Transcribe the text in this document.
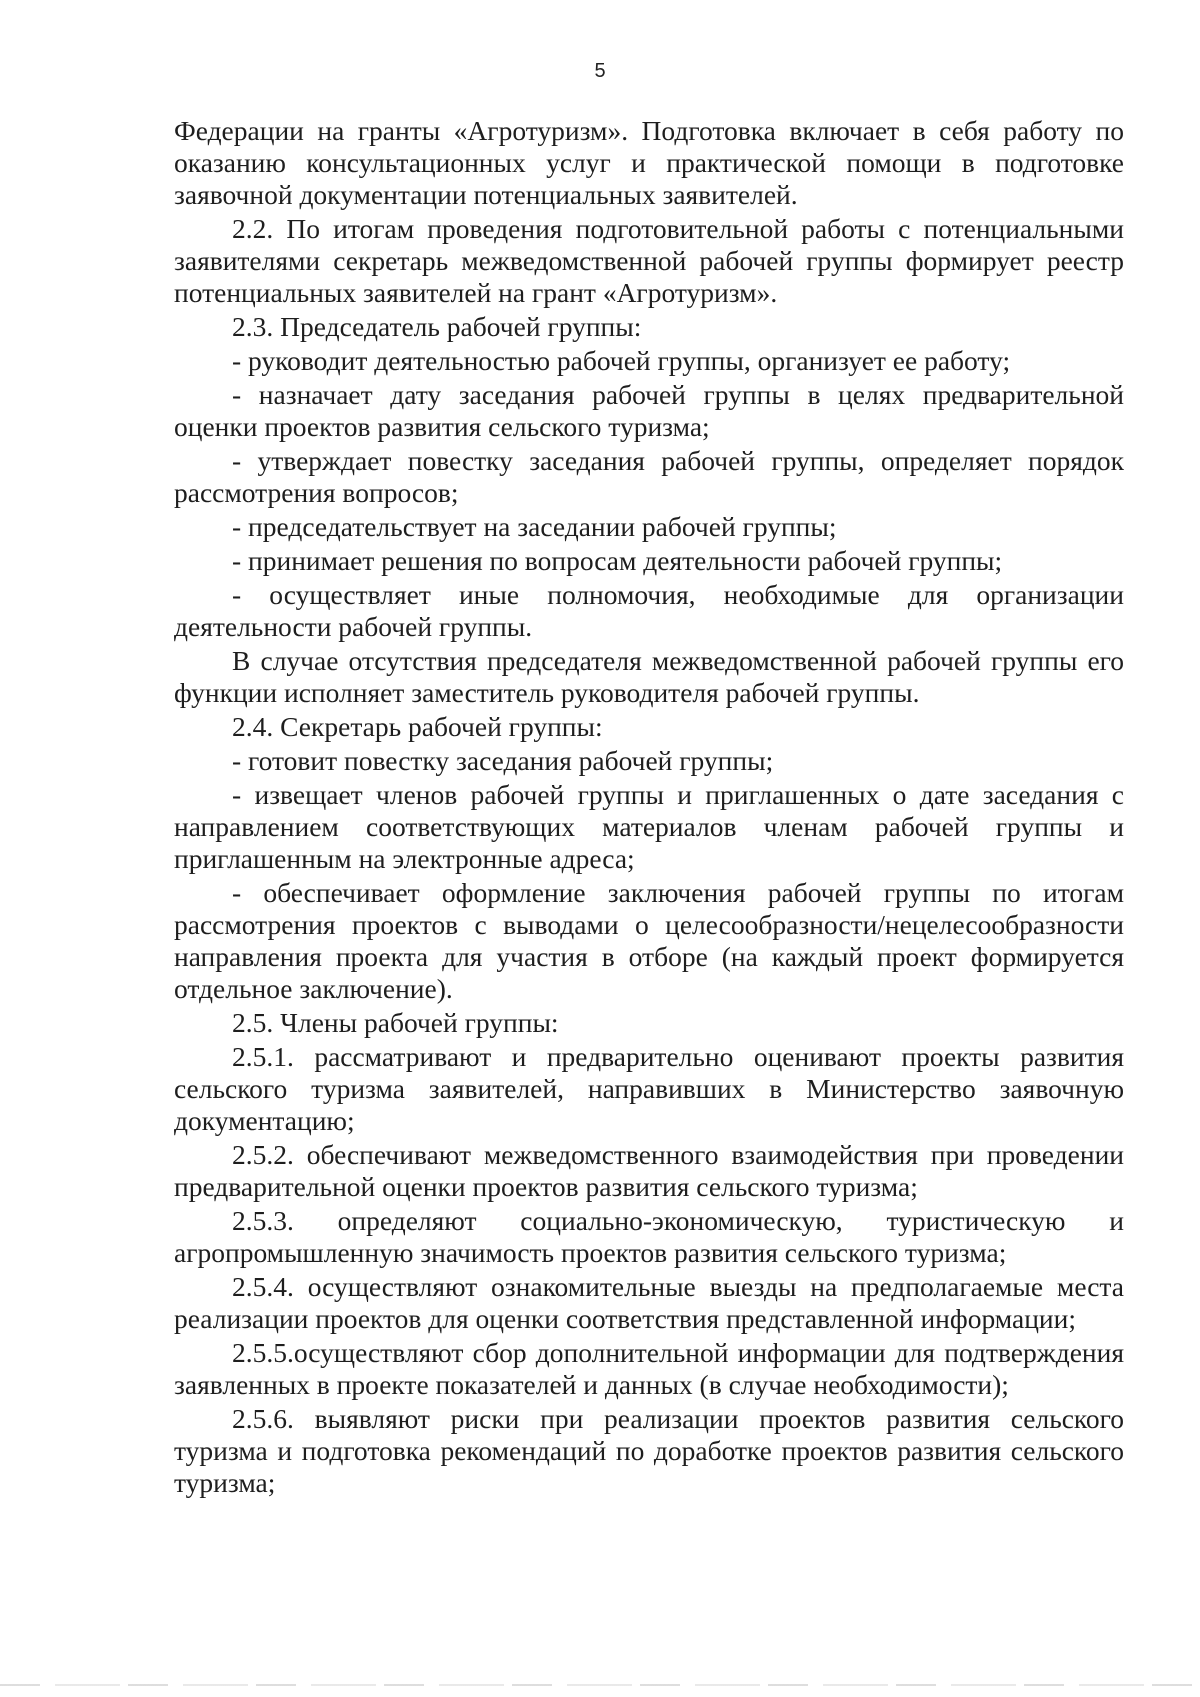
5

Федерации на гранты «Агротуризм». Подготовка включает в себя работу по оказанию консультационных услуг и практической помощи в подготовке заявочной документации потенциальных заявителей.

2.2. По итогам проведения подготовительной работы с потенциальными заявителями секретарь межведомственной рабочей группы формирует реестр потенциальных заявителей на грант «Агротуризм».

2.3. Председатель рабочей группы:

- руководит деятельностью рабочей группы, организует ее работу;

- назначает дату заседания рабочей группы в целях предварительной оценки проектов развития сельского туризма;

- утверждает повестку заседания рабочей группы, определяет порядок рассмотрения вопросов;

- председательствует на заседании рабочей группы;

- принимает решения по вопросам деятельности рабочей группы;

- осуществляет иные полномочия, необходимые для организации деятельности рабочей группы.

В случае отсутствия председателя межведомственной рабочей группы его функции исполняет заместитель руководителя рабочей группы.

2.4. Секретарь рабочей группы:

- готовит повестку заседания рабочей группы;

- извещает членов рабочей группы и приглашенных о дате заседания с направлением соответствующих материалов членам рабочей группы и приглашенным на электронные адреса;

- обеспечивает оформление заключения рабочей группы по итогам рассмотрения проектов с выводами о целесообразности/нецелесообразности направления проекта для участия в отборе (на каждый проект формируется отдельное заключение).

2.5. Члены рабочей группы:

2.5.1. рассматривают и предварительно оценивают проекты развития сельского туризма заявителей, направивших в Министерство заявочную документацию;

2.5.2. обеспечивают межведомственного взаимодействия при проведении предварительной оценки проектов развития сельского туризма;

2.5.3. определяют социально-экономическую, туристическую и агропромышленную значимость проектов развития сельского туризма;

2.5.4. осуществляют ознакомительные выезды на предполагаемые места реализации проектов для оценки соответствия представленной информации;

2.5.5.осуществляют сбор дополнительной информации для подтверждения заявленных в проекте показателей и данных (в случае необходимости);

2.5.6. выявляют риски при реализации проектов развития сельского туризма и подготовка рекомендаций по доработке проектов развития сельского туризма;
